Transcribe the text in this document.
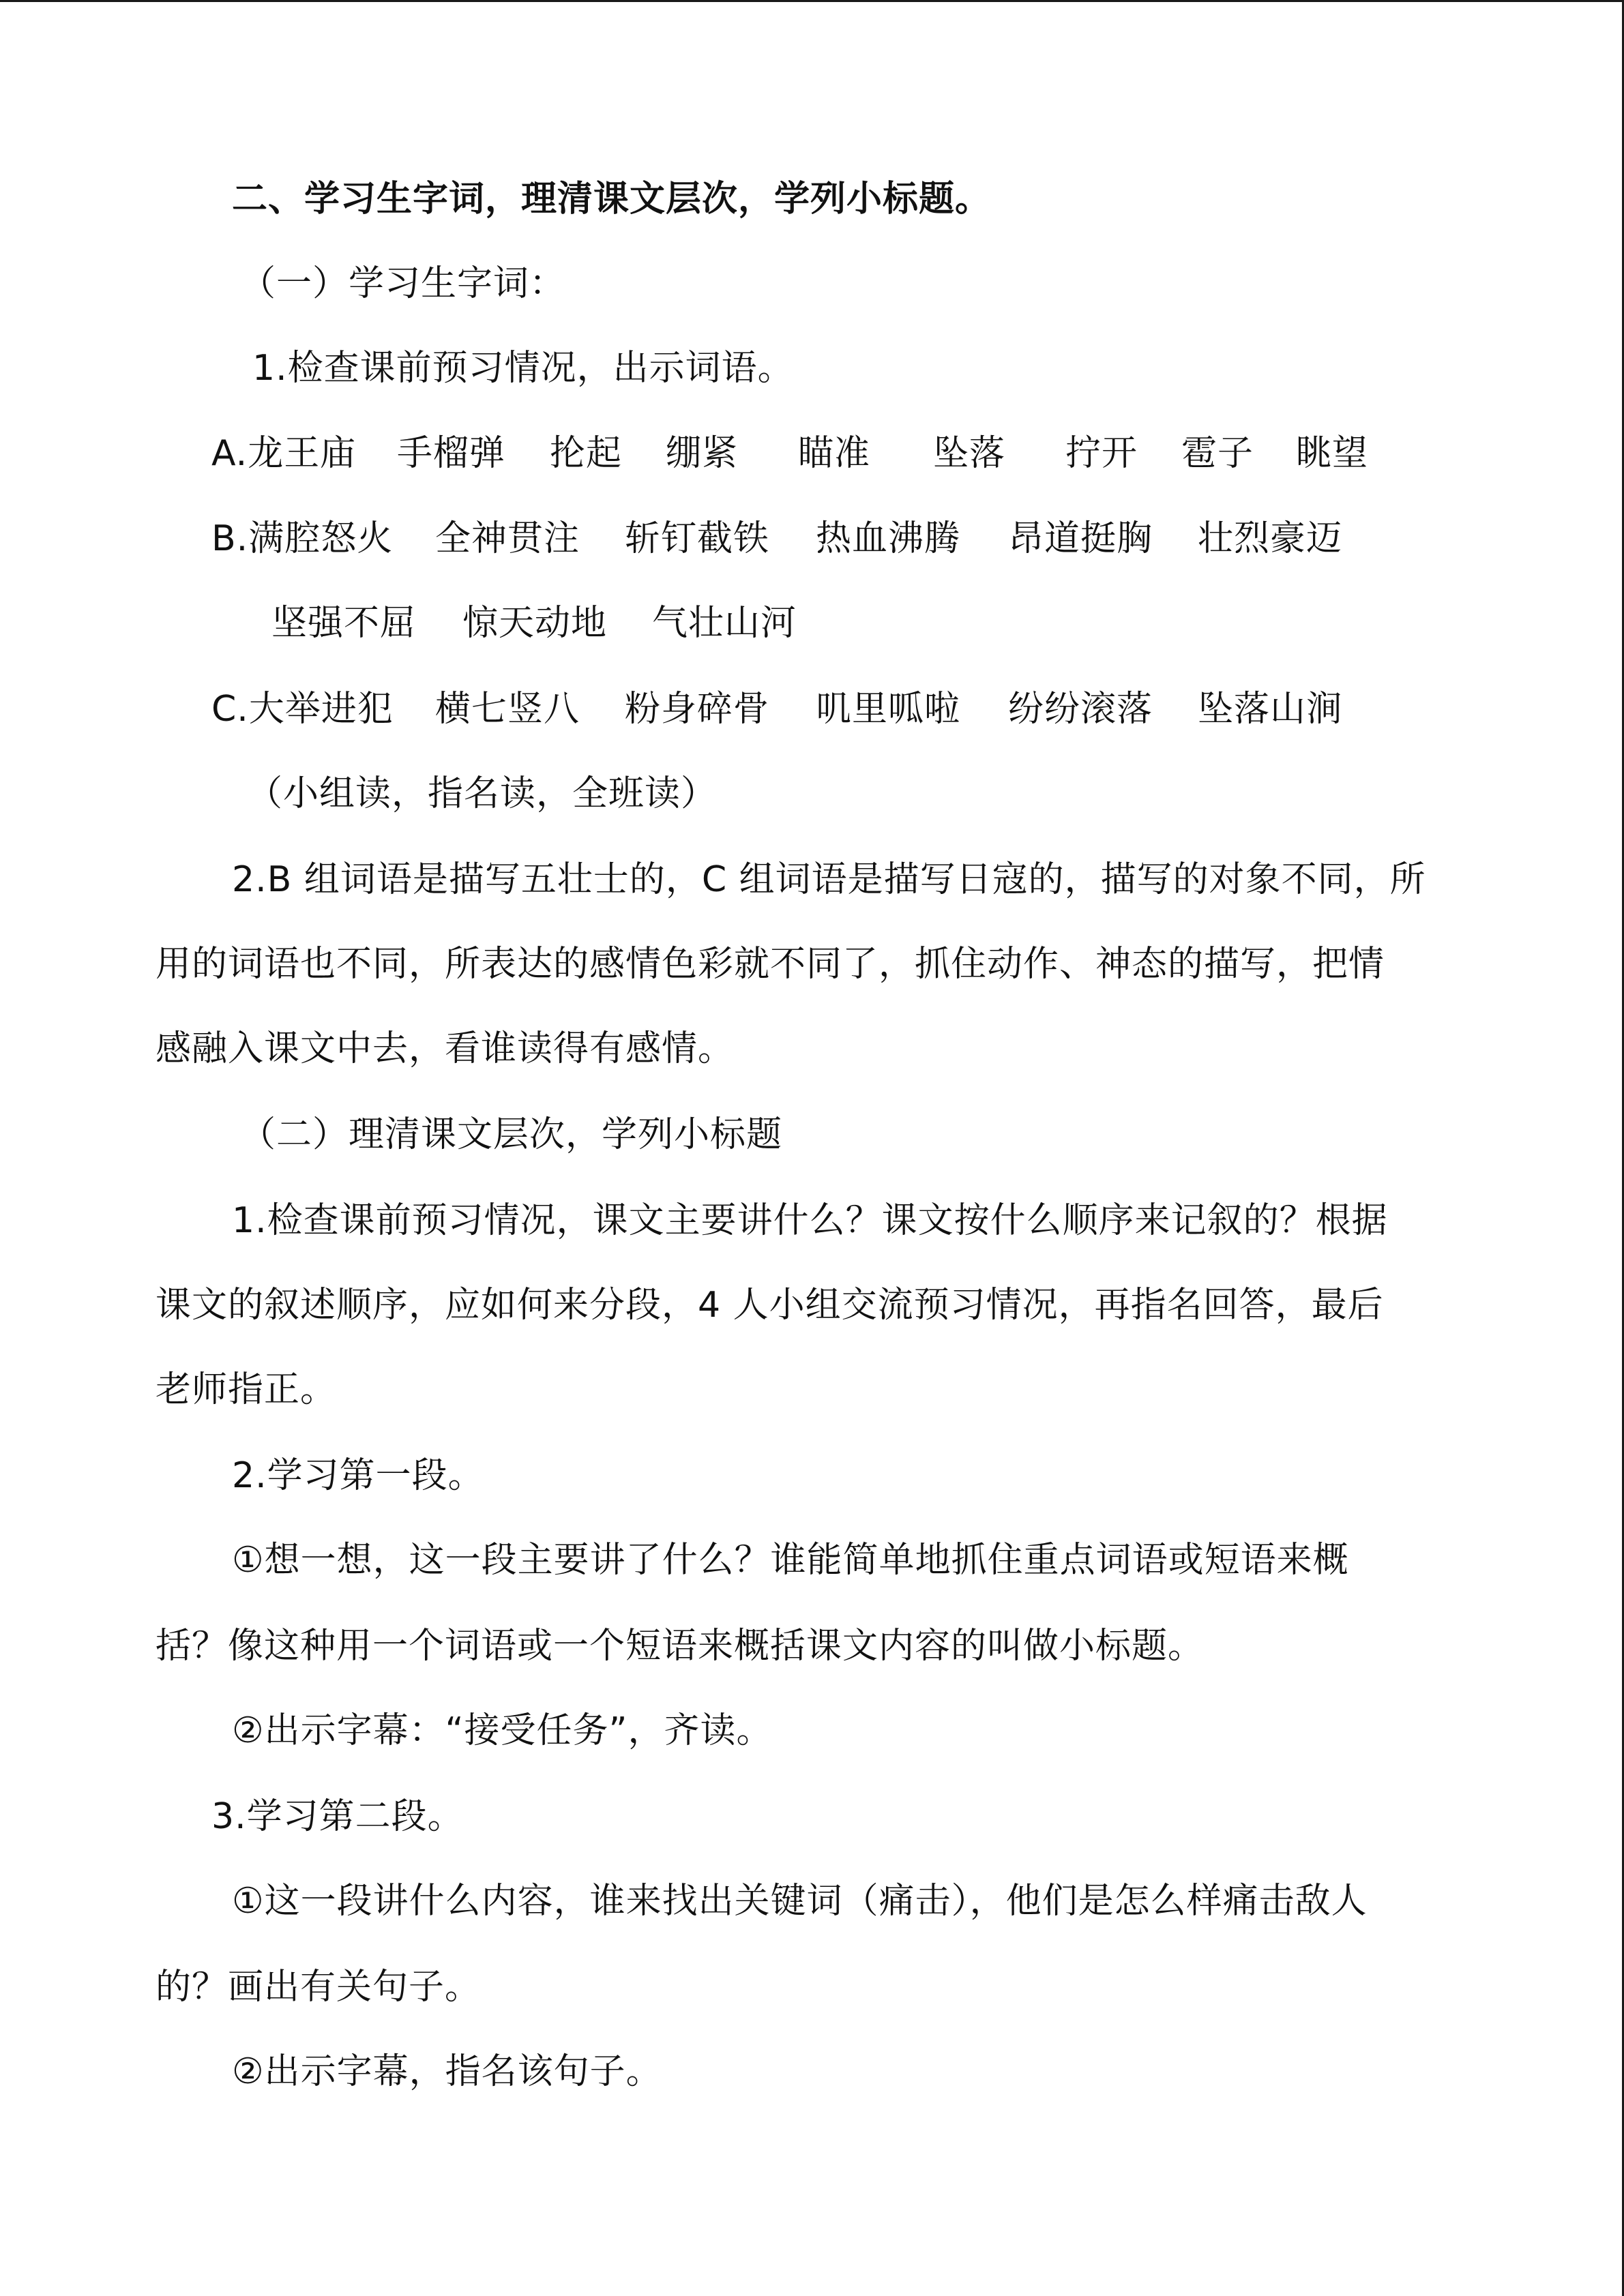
二、学习生字词，理清课文层次，学列小标题。
（一）学习生字词：
1.检查课前预习情况，出示词语。
A.龙王庙 手榴弹 抡起 绷紧 瞄准 坠落 拧开 雹子 眺望
B.满腔怒火 全神贯注 斩钉截铁 热血沸腾 昂道挺胸 壮烈豪迈
坚强不屈 惊天动地 气壮山河
C.大举进犯 横七竖八 粉身碎骨 叽里呱啦 纷纷滚落 坠落山涧
（小组读，指名读，全班读）
2.B 组词语是描写五壮士的，C 组词语是描写日寇的，描写的对象不同，所
用的词语也不同，所表达的感情色彩就不同了，抓住动作、神态的描写，把情
感融入课文中去，看谁读得有感情。
（二）理清课文层次，学列小标题
1.检查课前预习情况，课文主要讲什么？课文按什么顺序来记叙的？根据
课文的叙述顺序，应如何来分段，4 人小组交流预习情况，再指名回答，最后
老师指正。
2.学习第一段。
①想一想，这一段主要讲了什么？谁能简单地抓住重点词语或短语来概
括？像这种用一个词语或一个短语来概括课文内容的叫做小标题。
②出示字幕：“接受任务”，齐读。
3.学习第二段。
①这一段讲什么内容，谁来找出关键词（痛击），他们是怎么样痛击敌人
的？画出有关句子。
②出示字幕，指名该句子。
